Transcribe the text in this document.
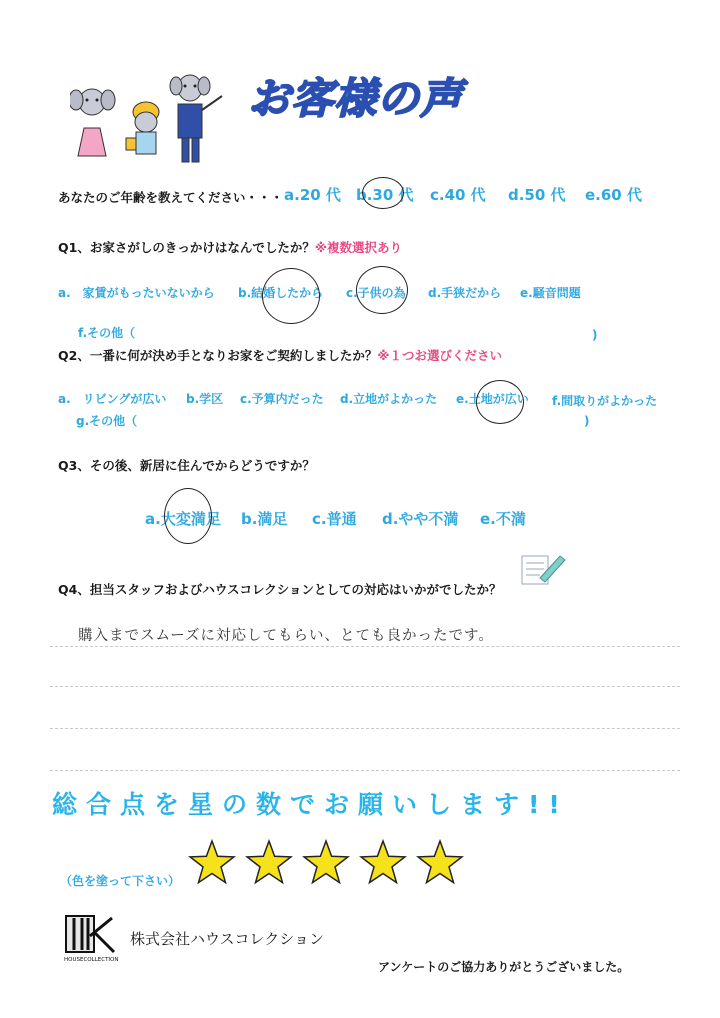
お客様の声
あなたのご年齢を教えてください・・・ a.20 代 b.30 代 c.40 代 d.50 代 e.60 代
Q1、お家さがしのきっかけはなんでしたか？※複数選択あり
a.　家賃がもったいないから b.結婚したから c.子供の為 d.手狭だから e.騒音問題
f.その他（	)
Q2、一番に何が決め手となりお家をご契約しましたか？※１つお選びください
a.　リビングが広い b.学区 c.予算内だった d.立地がよかった e.土地が広い f.間取りがよかった
g.その他（	)
Q3、その後、新居に住んでからどうですか？
a.大変満足 b.満足 c.普通 d.やや不満 e.不満
Q4、担当スタッフおよびハウスコレクションとしての対応はいかがでしたか？
購入までスムーズに対応してもらい、とても良かったです。
総合点を星の数でお願いします!!
（色を塗って下さい）
HOUSECOLLECTION
株式会社ハウスコレクション
アンケートのご協力ありがとうございました。
